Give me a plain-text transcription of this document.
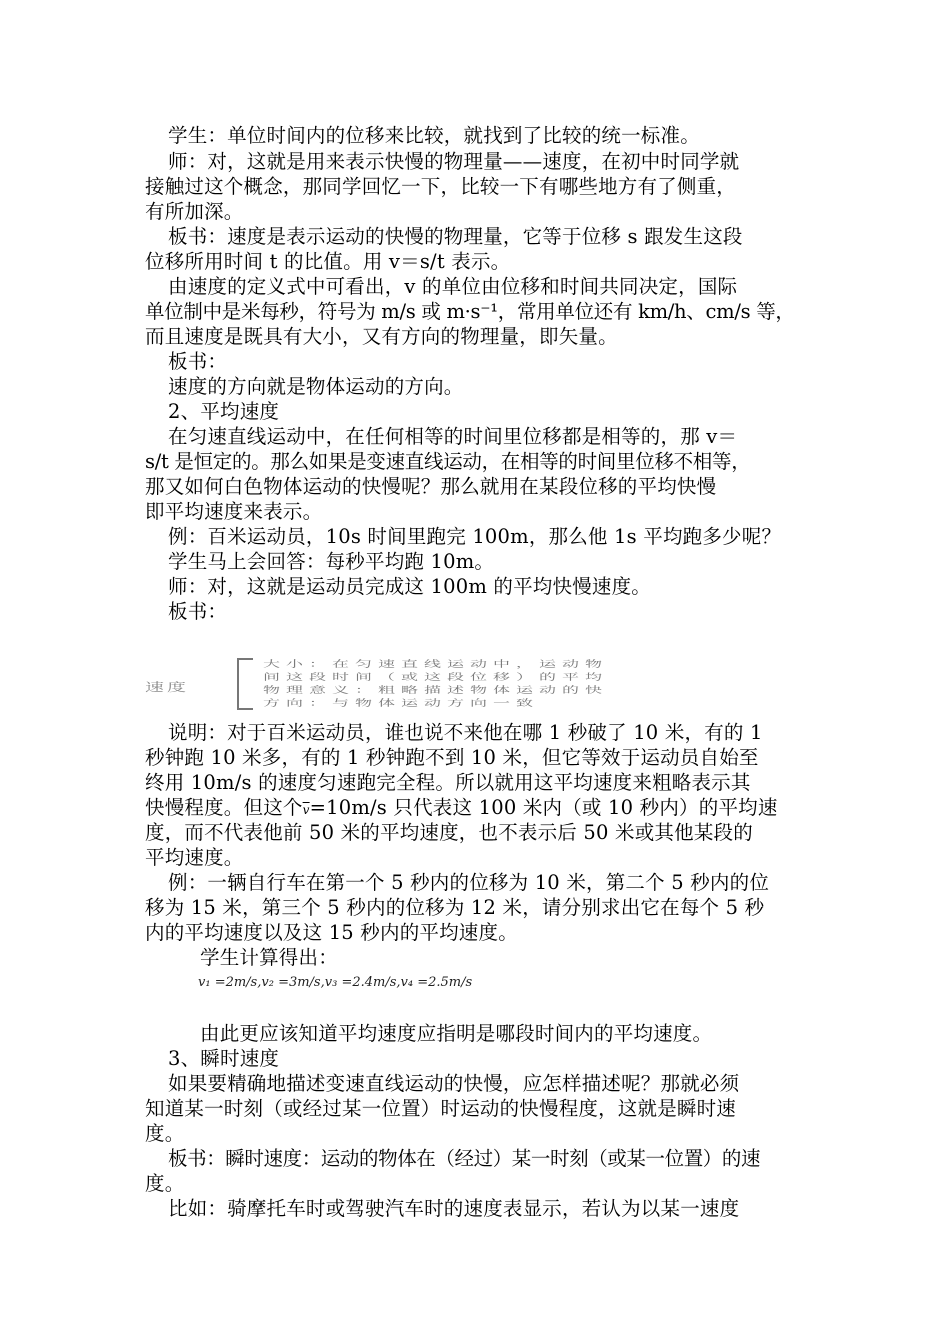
学生：单位时间内的位移来比较，就找到了比较的统一标准。
师：对，这就是用来表示快慢的物理量——速度，在初中时同学就
接触过这个概念，那同学回忆一下，比较一下有哪些地方有了侧重，
有所加深。
板书：速度是表示运动的快慢的物理量，它等于位移 s 跟发生这段
位移所用时间 t 的比值。用 v＝s/t 表示。
由速度的定义式中可看出，v 的单位由位移和时间共同决定，国际
单位制中是米每秒，符号为 m/s 或 m·s⁻¹，常用单位还有 km/h、cm/s 等，
而且速度是既具有大小，又有方向的物理量，即矢量。
板书：
速度的方向就是物体运动的方向。
2、平均速度
在匀速直线运动中，在任何相等的时间里位移都是相等的，那 v＝
s/t 是恒定的。那么如果是变速直线运动，在相等的时间里位移不相等，
那又如何白色物体运动的快慢呢？那么就用在某段位移的平均快慢
即平均速度来表示。
例：百米运动员，10s 时间里跑完 100m，那么他 1s 平均跑多少呢？
学生马上会回答：每秒平均跑 10m。
师：对，这就是运动员完成这 100m 的平均快慢速度。
板书：
速度
大小：在匀速直线运动中，运动物
间这段时间（或这段位移）的平均
物理意义：粗略描述物体运动的快
方向：与物体运动方向一致
说明：对于百米运动员，谁也说不来他在哪 1 秒破了 10 米，有的 1
秒钟跑 10 米多，有的 1 秒钟跑不到 10 米，但它等效于运动员自始至
终用 10m/s 的速度匀速跑完全程。所以就用这平均速度来粗略表示其
快慢程度。但这个$\overline{v}=10m/s$ 只代表这 100 米内（或 10 秒内）的平均速
度，而不代表他前 50 米的平均速度，也不表示后 50 米或其他某段的
平均速度。
例：一辆自行车在第一个 5 秒内的位移为 10 米，第二个 5 秒内的位
移为 15 米，第三个 5 秒内的位移为 12 米，请分别求出它在每个 5 秒
内的平均速度以及这 15 秒内的平均速度。
学生计算得出：
v₁ =2m/s,v₂ =3m/s,v₃ =2.4m/s,v₄ =2.5m/s
由此更应该知道平均速度应指明是哪段时间内的平均速度。
3、瞬时速度
如果要精确地描述变速直线运动的快慢，应怎样描述呢？那就必须
知道某一时刻（或经过某一位置）时运动的快慢程度，这就是瞬时速
度。
板书：瞬时速度：运动的物体在（经过）某一时刻（或某一位置）的速
度。
比如：骑摩托车时或驾驶汽车时的速度表显示，若认为以某一速度
